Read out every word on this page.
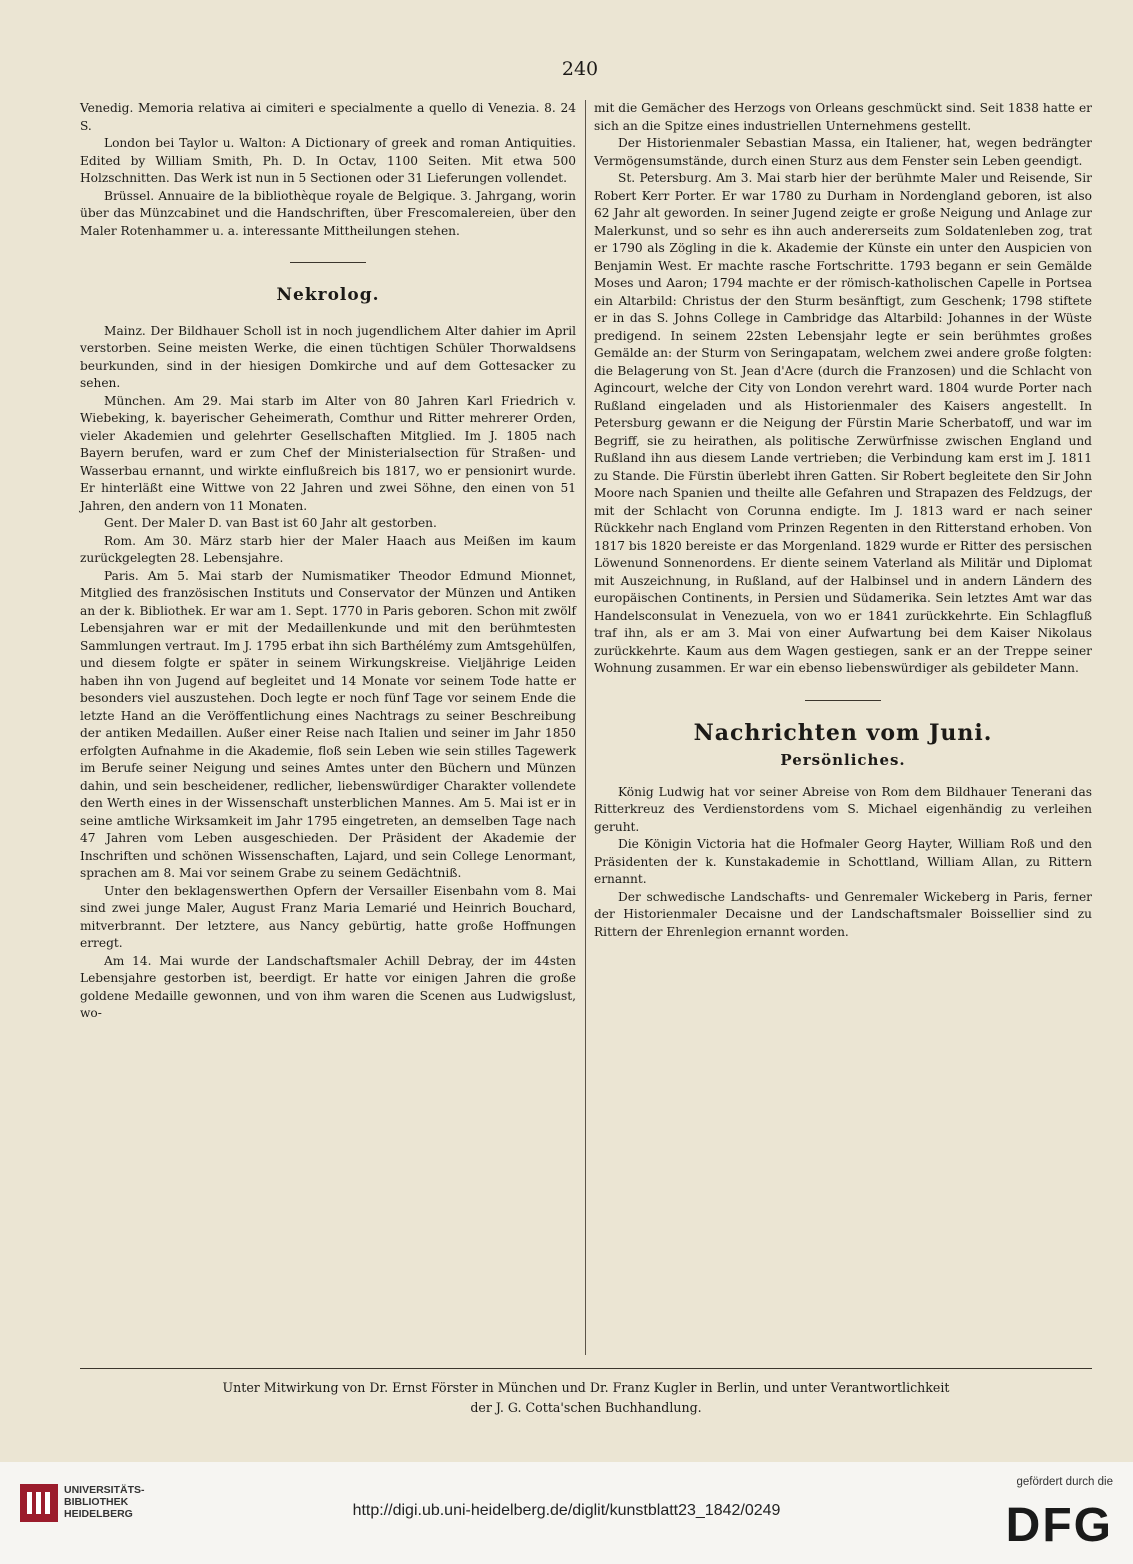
240

Venedig. Memoria relativa ai cimiteri e specialmente a quello di Venezia. 8. 24 S.

London bei Taylor u. Walton: A Dictionary of greek and roman Antiquities. Edited by William Smith, Ph. D. In Octav, 1100 Seiten. Mit etwa 500 Holzschnitten. Das Werk ist nun in 5 Sectionen oder 31 Lieferungen vollendet.

Brüssel. Annuaire de la bibliothèque royale de Belgique. 3. Jahrgang, worin über das Münzcabinet und die Handschriften, über Frescomalereien, über den Maler Rotenhammer u. a. interessante Mittheilungen stehen.

Nekrolog.

Mainz. Der Bildhauer Scholl ist in noch jugendlichem Alter dahier im April verstorben. Seine meisten Werke, die einen tüchtigen Schüler Thorwaldsens beurkunden, sind in der hiesigen Domkirche und auf dem Gottesacker zu sehen.

München. Am 29. Mai starb im Alter von 80 Jahren Karl Friedrich v. Wiebeking, k. bayerischer Geheimerath, Comthur und Ritter mehrerer Orden, vieler Akademien und gelehrter Gesellschaften Mitglied. Im J. 1805 nach Bayern berufen, ward er zum Chef der Ministerialsection für Straßen- und Wasserbau ernannt, und wirkte einflußreich bis 1817, wo er pensionirt wurde. Er hinterläßt eine Wittwe von 22 Jahren und zwei Söhne, den einen von 51 Jahren, den andern von 11 Monaten.

Gent. Der Maler D. van Bast ist 60 Jahr alt gestorben.

Rom. Am 30. März starb hier der Maler Haach aus Meißen im kaum zurückgelegten 28. Lebensjahre.

Paris. Am 5. Mai starb der Numismatiker Theodor Edmund Mionnet, Mitglied des französischen Instituts und Conservator der Münzen und Antiken an der k. Bibliothek. Er war am 1. Sept. 1770 in Paris geboren. Schon mit zwölf Lebensjahren war er mit der Medaillenkunde und mit den berühmtesten Sammlungen vertraut. Im J. 1795 erbat ihn sich Barthélémy zum Amtsgehülfen, und diesem folgte er später in seinem Wirkungskreise. Vieljährige Leiden haben ihn von Jugend auf begleitet und 14 Monate vor seinem Tode hatte er besonders viel auszustehen. Doch legte er noch fünf Tage vor seinem Ende die letzte Hand an die Veröffentlichung eines Nachtrags zu seiner Beschreibung der antiken Medaillen. Außer einer Reise nach Italien und seiner im Jahr 1850 erfolgten Aufnahme in die Akademie, floß sein Leben wie sein stilles Tagewerk im Berufe seiner Neigung und seines Amtes unter den Büchern und Münzen dahin, und sein bescheidener, redlicher, liebenswürdiger Charakter vollendete den Werth eines in der Wissenschaft unsterblichen Mannes. Am 5. Mai ist er in seine amtliche Wirksamkeit im Jahr 1795 eingetreten, an demselben Tage nach 47 Jahren vom Leben ausgeschieden. Der Präsident der Akademie der Inschriften und schönen Wissenschaften, Lajard, und sein College Lenormant, sprachen am 8. Mai vor seinem Grabe zu seinem Gedächtniß.

Unter den beklagenswerthen Opfern der Versailler Eisenbahn vom 8. Mai sind zwei junge Maler, August Franz Maria Lemarié und Heinrich Bouchard, mitverbrannt. Der letztere, aus Nancy gebürtig, hatte große Hoffnungen erregt.

Am 14. Mai wurde der Landschaftsmaler Achill Debray, der im 44sten Lebensjahre gestorben ist, beerdigt. Er hatte vor einigen Jahren die große goldene Medaille gewonnen, und von ihm waren die Scenen aus Ludwigslust, wo-

mit die Gemächer des Herzogs von Orleans geschmückt sind. Seit 1838 hatte er sich an die Spitze eines industriellen Unternehmens gestellt.

Der Historienmaler Sebastian Massa, ein Italiener, hat, wegen bedrängter Vermögensumstände, durch einen Sturz aus dem Fenster sein Leben geendigt.

St. Petersburg. Am 3. Mai starb hier der berühmte Maler und Reisende, Sir Robert Kerr Porter. Er war 1780 zu Durham in Nordengland geboren, ist also 62 Jahr alt geworden. In seiner Jugend zeigte er große Neigung und Anlage zur Malerkunst, und so sehr es ihn auch andererseits zum Soldatenleben zog, trat er 1790 als Zögling in die k. Akademie der Künste ein unter den Auspicien von Benjamin West. Er machte rasche Fortschritte. 1793 begann er sein Gemälde Moses und Aaron; 1794 machte er der römisch-katholischen Capelle in Portsea ein Altarbild: Christus der den Sturm besänftigt, zum Geschenk; 1798 stiftete er in das S. Johns College in Cambridge das Altarbild: Johannes in der Wüste predigend. In seinem 22sten Lebensjahr legte er sein berühmtes großes Gemälde an: der Sturm von Seringapatam, welchem zwei andere große folgten: die Belagerung von St. Jean d'Acre (durch die Franzosen) und die Schlacht von Agincourt, welche der City von London verehrt ward. 1804 wurde Porter nach Rußland eingeladen und als Historienmaler des Kaisers angestellt. In Petersburg gewann er die Neigung der Fürstin Marie Scherbatoff, und war im Begriff, sie zu heirathen, als politische Zerwürfnisse zwischen England und Rußland ihn aus diesem Lande vertrieben; die Verbindung kam erst im J. 1811 zu Stande. Die Fürstin überlebt ihren Gatten. Sir Robert begleitete den Sir John Moore nach Spanien und theilte alle Gefahren und Strapazen des Feldzugs, der mit der Schlacht von Corunna endigte. Im J. 1813 ward er nach seiner Rückkehr nach England vom Prinzen Regenten in den Ritterstand erhoben. Von 1817 bis 1820 bereiste er das Morgenland. 1829 wurde er Ritter des persischen Löwenund Sonnenordens. Er diente seinem Vaterland als Militär und Diplomat mit Auszeichnung, in Rußland, auf der Halbinsel und in andern Ländern des europäischen Continents, in Persien und Südamerika. Sein letztes Amt war das Handelsconsulat in Venezuela, von wo er 1841 zurückkehrte. Ein Schlagfluß traf ihn, als er am 3. Mai von einer Aufwartung bei dem Kaiser Nikolaus zurückkehrte. Kaum aus dem Wagen gestiegen, sank er an der Treppe seiner Wohnung zusammen. Er war ein ebenso liebenswürdiger als gebildeter Mann.

Nachrichten vom Juni.
Persönliches.

König Ludwig hat vor seiner Abreise von Rom dem Bildhauer Tenerani das Ritterkreuz des Verdienstordens vom S. Michael eigenhändig zu verleihen geruht.

Die Königin Victoria hat die Hofmaler Georg Hayter, William Roß und den Präsidenten der k. Kunstakademie in Schottland, William Allan, zu Rittern ernannt.

Der schwedische Landschafts- und Genremaler Wickeberg in Paris, ferner der Historienmaler Decaisne und der Landschaftsmaler Boissellier sind zu Rittern der Ehrenlegion ernannt worden.

Unter Mitwirkung von Dr. Ernst Förster in München und Dr. Franz Kugler in Berlin, und unter Verantwortlichkeit
der J. G. Cotta'schen Buchhandlung.
UNIVERSITÄTS-
BIBLIOTHEK
HEIDELBERG	http://digi.ub.uni-heidelberg.de/diglit/kunstblatt23_1842/0249
gefördert durch die
DFG
